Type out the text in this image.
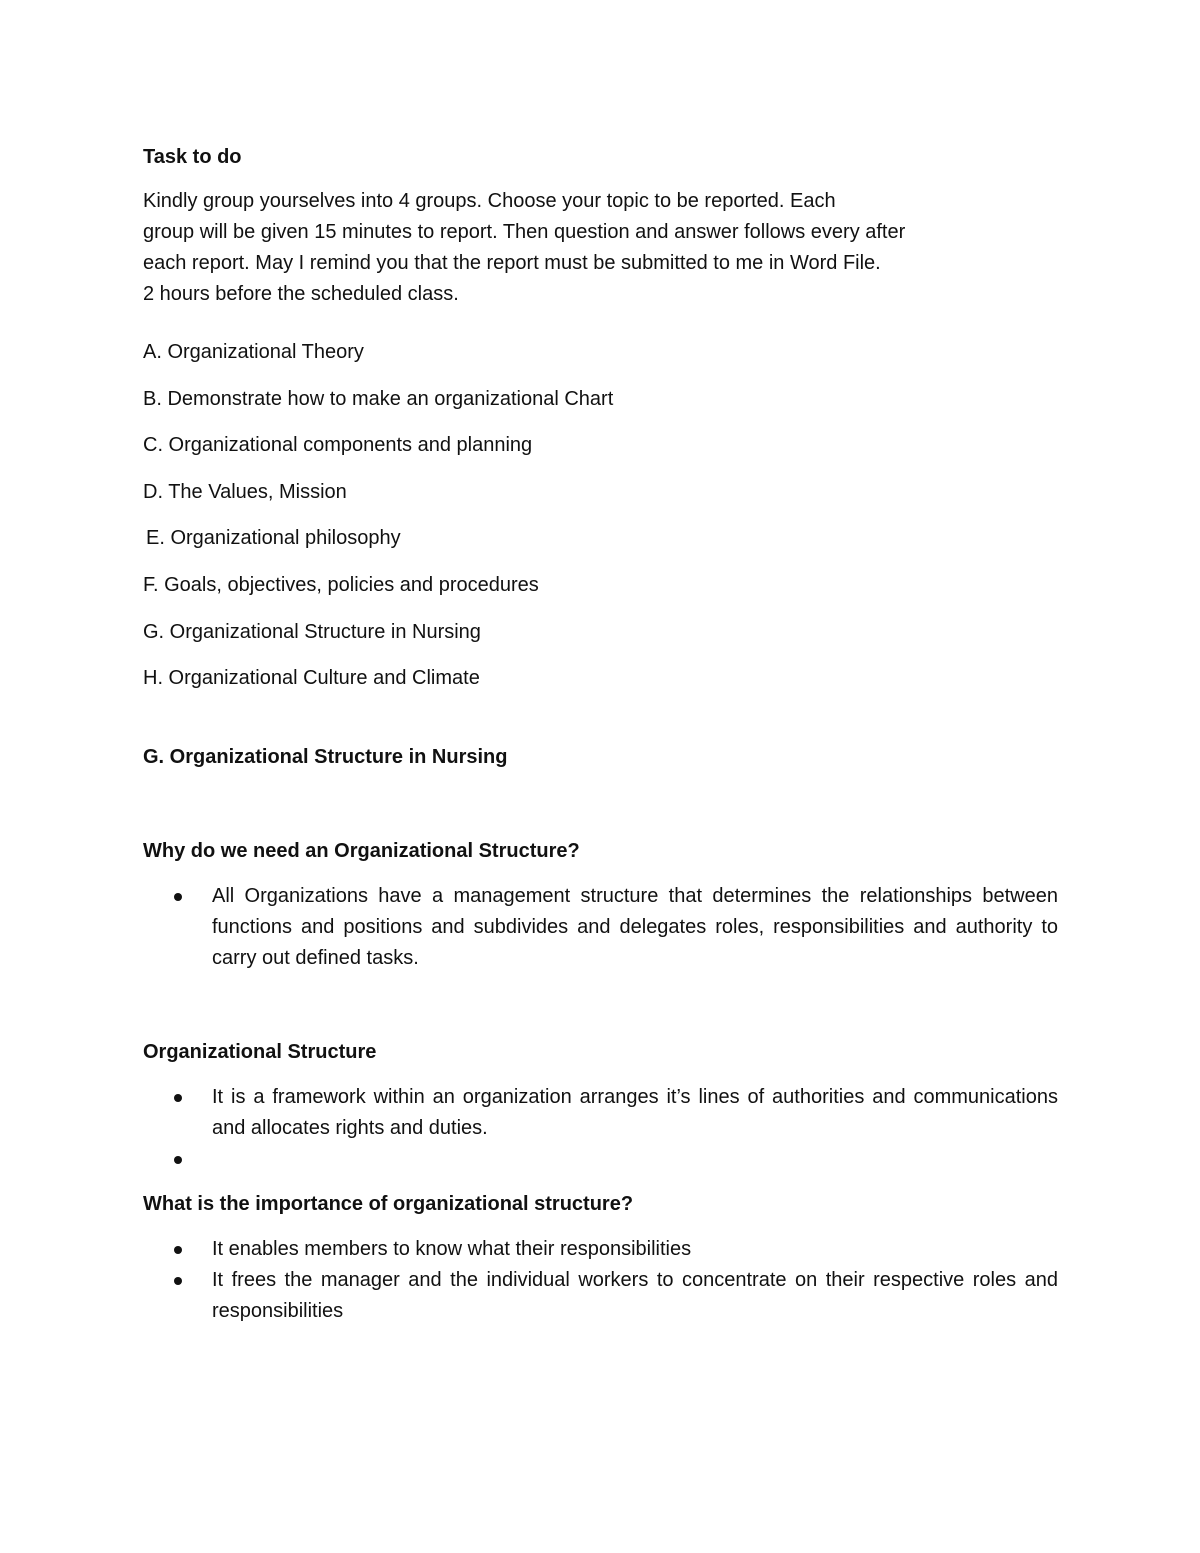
Task to do

Kindly group yourselves into 4 groups. Choose your topic to be reported. Each
group will be given 15 minutes to report. Then question and answer follows every after
each report. May I remind you that the report must be submitted to me in Word File.
2 hours before the scheduled class.

A. Organizational Theory
B. Demonstrate how to make an organizational Chart
C. Organizational components and planning
D. The Values, Mission
E. Organizational philosophy
F. Goals, objectives, policies and procedures
G. Organizational Structure in Nursing
H. Organizational Culture and Climate

G. Organizational Structure in Nursing

Why do we need an Organizational Structure?

All Organizations have a management structure that determines the relationships between functions and positions and subdivides and delegates roles, responsibilities and authority to carry out defined tasks.

Organizational Structure

It is a framework within an organization arranges it’s lines of authorities and communications and allocates rights and duties.

What is the importance of organizational structure?

It enables members to know what their responsibilities
It frees the manager and the individual workers to concentrate on their respective roles and responsibilities
